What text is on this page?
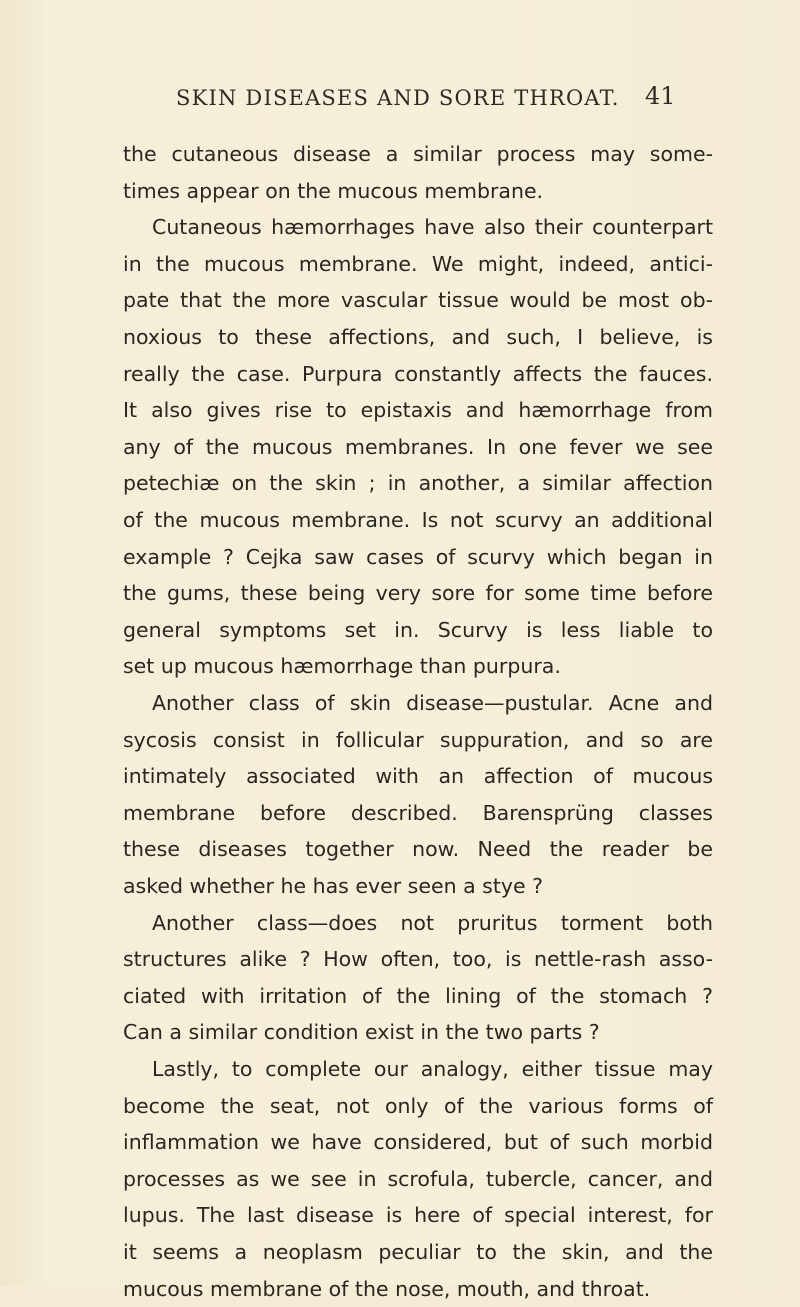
SKIN DISEASES AND SORE THROAT. 41
the cutaneous disease a similar process may some-
times appear on the mucous membrane.
Cutaneous hæmorrhages have also their counterpart
in the mucous membrane. We might, indeed, antici-
pate that the more vascular tissue would be most ob-
noxious to these affections, and such, I believe, is
really the case. Purpura constantly affects the fauces.
It also gives rise to epistaxis and hæmorrhage from
any of the mucous membranes. In one fever we see
petechiæ on the skin ; in another, a similar affection
of the mucous membrane. Is not scurvy an additional
example ? Cejka saw cases of scurvy which began in
the gums, these being very sore for some time before
general symptoms set in. Scurvy is less liable to
set up mucous hæmorrhage than purpura.
Another class of skin disease—pustular. Acne and
sycosis consist in follicular suppuration, and so are
intimately associated with an affection of mucous
membrane before described. Barensprüng classes
these diseases together now. Need the reader be
asked whether he has ever seen a stye ?
Another class—does not pruritus torment both
structures alike ? How often, too, is nettle-rash asso-
ciated with irritation of the lining of the stomach ?
Can a similar condition exist in the two parts ?
Lastly, to complete our analogy, either tissue may
become the seat, not only of the various forms of
inflammation we have considered, but of such morbid
processes as we see in scrofula, tubercle, cancer, and
lupus. The last disease is here of special interest, for
it seems a neoplasm peculiar to the skin, and the
mucous membrane of the nose, mouth, and throat.
